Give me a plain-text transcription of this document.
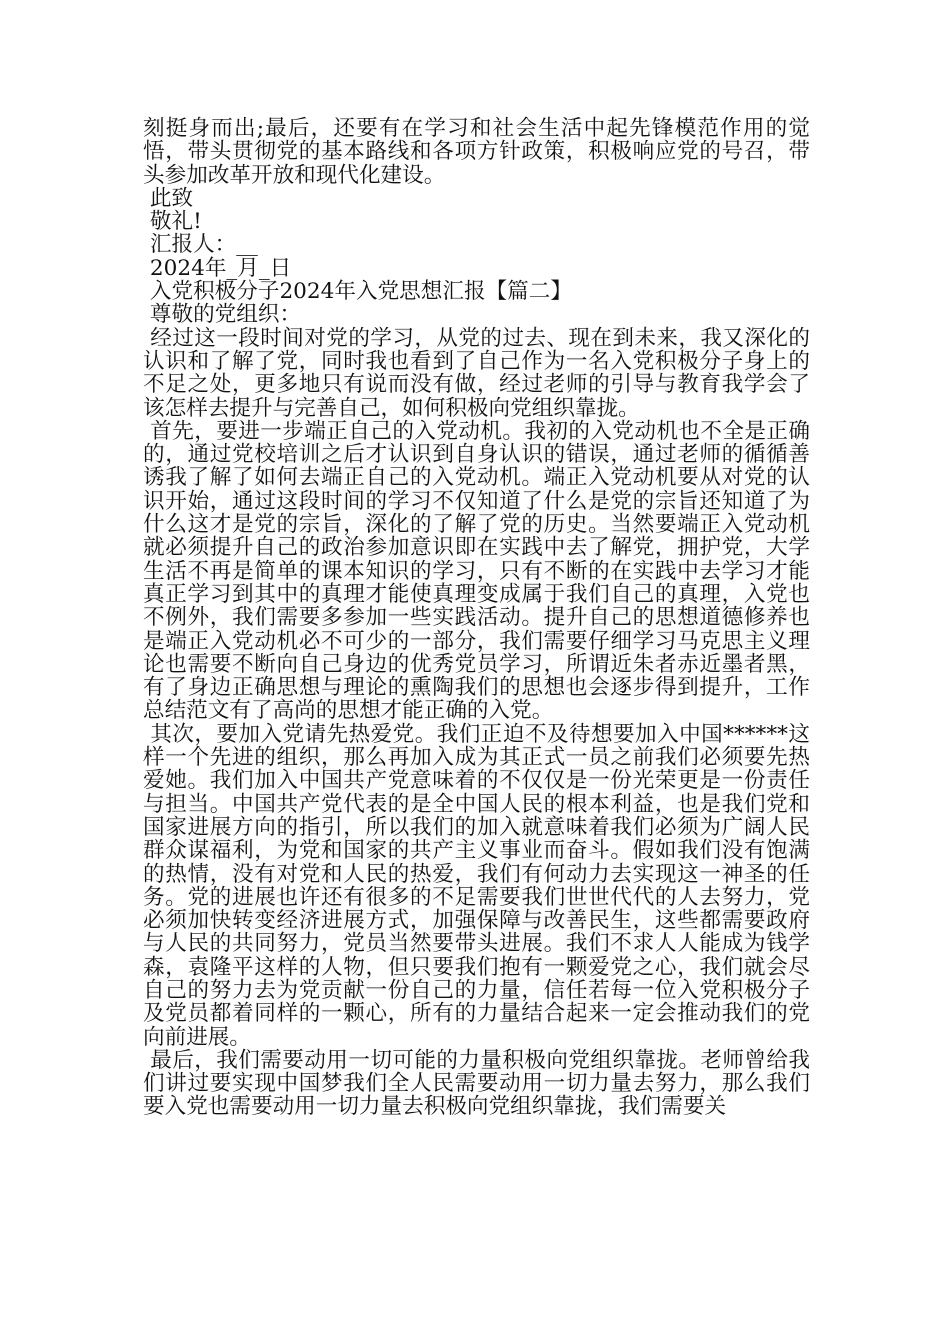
刻挺身而出;最后，还要有在学习和社会生活中起先锋模范作用的觉悟，带头贯彻党的基本路线和各项方针政策，积极响应党的号召，带头参加改革开放和现代化建设。

此致

敬礼!

汇报人：__

2024年_月_日

入党积极分子2024年入党思想汇报【篇二】

尊敬的党组织：

经过这一段时间对党的学习，从党的过去、现在到未来，我又深化的认识和了解了党，同时我也看到了自己作为一名入党积极分子身上的不足之处，更多地只有说而没有做，经过老师的引导与教育我学会了该怎样去提升与完善自己，如何积极向党组织靠拢。

首先，要进一步端正自己的入党动机。我初的入党动机也不全是正确的，通过党校培训之后才认识到自身认识的错误，通过老师的循循善诱我了解了如何去端正自己的入党动机。端正入党动机要从对党的认识开始，通过这段时间的学习不仅知道了什么是党的宗旨还知道了为什么这才是党的宗旨，深化的了解了党的历史。当然要端正入党动机就必须提升自己的政治参加意识即在实践中去了解党，拥护党，大学生活不再是简单的课本知识的学习，只有不断的在实践中去学习才能真正学习到其中的真理才能使真理变成属于我们自己的真理，入党也不例外，我们需要多参加一些实践活动。提升自己的思想道德修养也是端正入党动机必不可少的一部分，我们需要仔细学习马克思主义理论也需要不断向自己身边的优秀党员学习，所谓近朱者赤近墨者黑，有了身边正确思想与理论的熏陶我们的思想也会逐步得到提升，工作总结范文有了高尚的思想才能正确的入党。

其次，要加入党请先热爱党。我们正迫不及待想要加入中国******这样一个先进的组织，那么再加入成为其正式一员之前我们必须要先热爱她。我们加入中国共产党意味着的不仅仅是一份光荣更是一份责任与担当。中国共产党代表的是全中国人民的根本利益，也是我们党和国家进展方向的指引，所以我们的加入就意味着我们必须为广阔人民群众谋福利，为党和国家的共产主义事业而奋斗。假如我们没有饱满的热情，没有对党和人民的热爱，我们有何动力去实现这一神圣的任务。党的进展也许还有很多的不足需要我们世世代代的人去努力，党必须加快转变经济进展方式，加强保障与改善民生，这些都需要政府与人民的共同努力，党员当然要带头进展。我们不求人人能成为钱学森，袁隆平这样的人物，但只要我们抱有一颗爱党之心，我们就会尽自己的努力去为党贡献一份自己的力量，信任若每一位入党积极分子及党员都着同样的一颗心，所有的力量结合起来一定会推动我们的党向前进展。

最后，我们需要动用一切可能的力量积极向党组织靠拢。老师曾给我们讲过要实现中国梦我们全人民需要动用一切力量去努力，那么我们要入党也需要动用一切力量去积极向党组织靠拢，我们需要关
